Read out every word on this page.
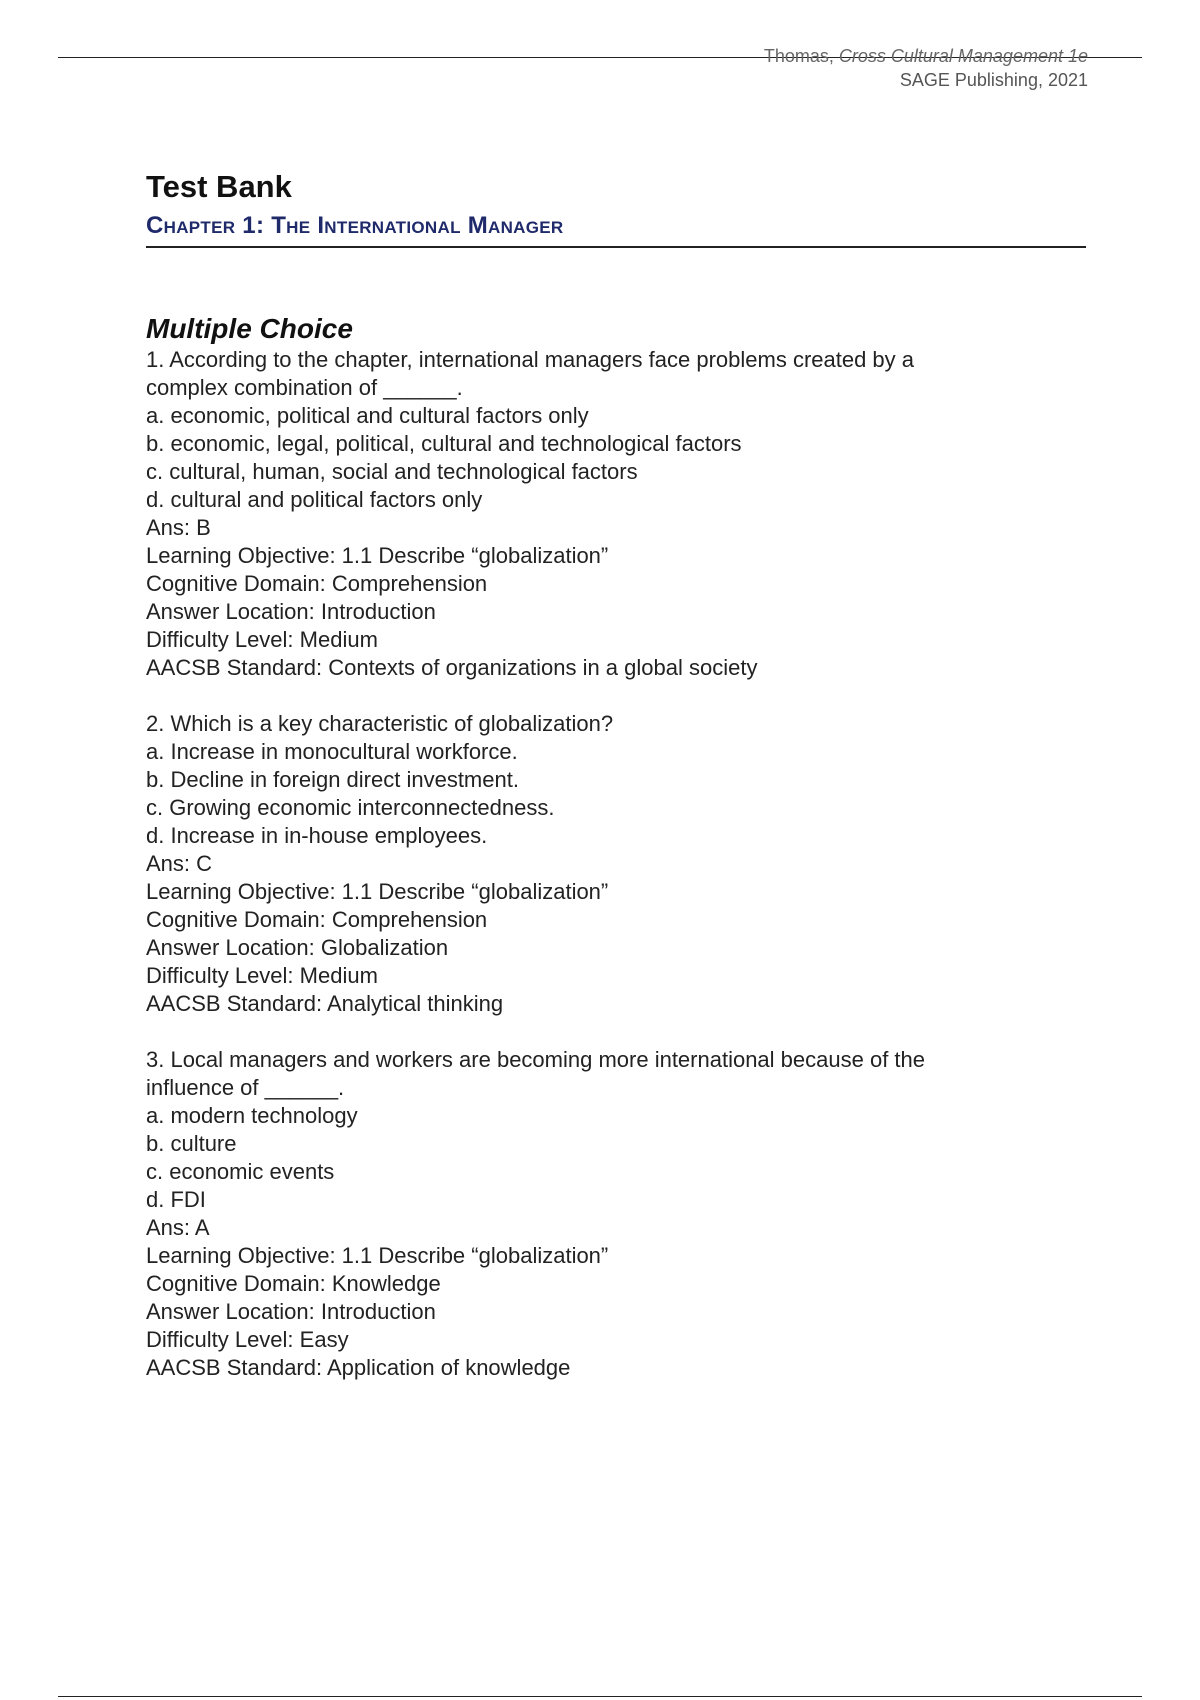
Thomas, Cross Cultural Management 1e
SAGE Publishing, 2021
Test Bank
Chapter 1: The International Manager
Multiple Choice
1. According to the chapter, international managers face problems created by a
complex combination of ______.
a. economic, political and cultural factors only
b. economic, legal, political, cultural and technological factors
c. cultural, human, social and technological factors
d. cultural and political factors only
Ans: B
Learning Objective: 1.1 Describe “globalization”
Cognitive Domain: Comprehension
Answer Location: Introduction
Difficulty Level: Medium
AACSB Standard: Contexts of organizations in a global society
2. Which is a key characteristic of globalization?
a. Increase in monocultural workforce.
b. Decline in foreign direct investment.
c. Growing economic interconnectedness.
d. Increase in in-house employees.
Ans: C
Learning Objective: 1.1 Describe “globalization”
Cognitive Domain: Comprehension
Answer Location: Globalization
Difficulty Level: Medium
AACSB Standard: Analytical thinking
3. Local managers and workers are becoming more international because of the
influence of ______.
a. modern technology
b. culture
c. economic events
d. FDI
Ans: A
Learning Objective: 1.1 Describe “globalization”
Cognitive Domain: Knowledge
Answer Location: Introduction
Difficulty Level: Easy
AACSB Standard: Application of knowledge
